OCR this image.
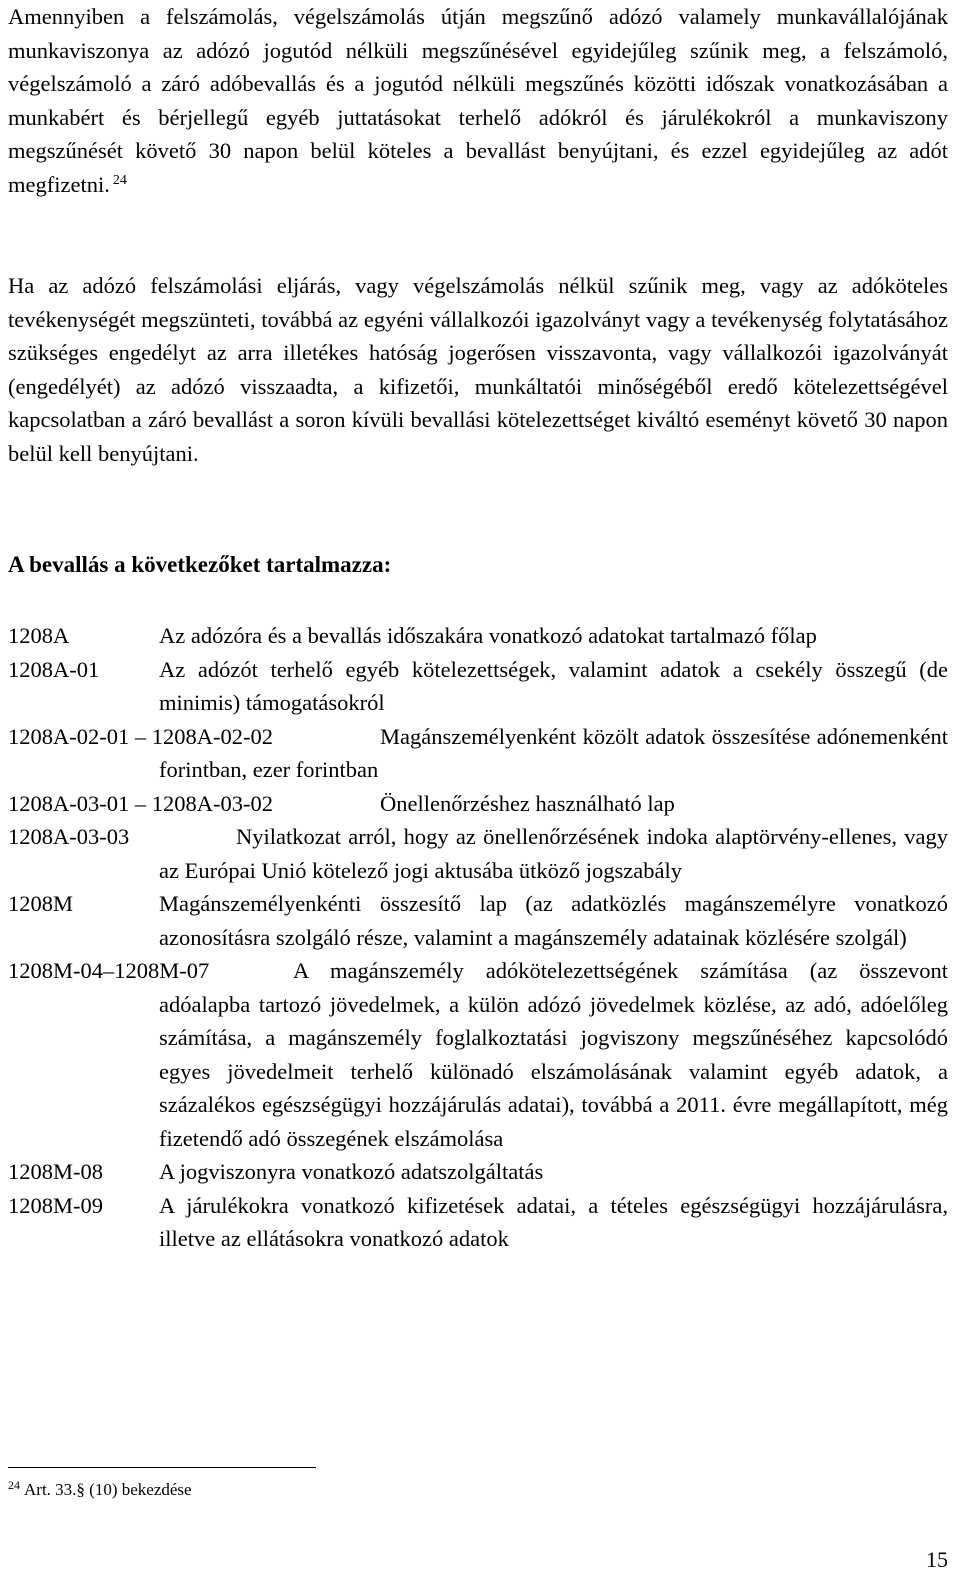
Amennyiben a felszámolás, végelszámolás útján megszűnő adózó valamely munkavállalójának munkaviszonya az adózó jogutód nélküli megszűnésével egyidejűleg szűnik meg, a felszámoló, végelszámoló a záró adóbevallás és a jogutód nélküli megszűnés közötti időszak vonatkozásában a munkabért és bérjellegű egyéb juttatásokat terhelő adókról és járulékokról a munkaviszony megszűnését követő 30 napon belül köteles a bevallást benyújtani, és ezzel egyidejűleg az adót megfizetni. $^{24}$

Ha az adózó felszámolási eljárás, vagy végelszámolás nélkül szűnik meg, vagy az adóköteles tevékenységét megszünteti, továbbá az egyéni vállalkozói igazolványt vagy a tevékenység folytatásához szükséges engedélyt az arra illetékes hatóság jogerősen visszavonta, vagy vállalkozói igazolványát (engedélyét) az adózó visszaadta, a kifizetői, munkáltatói minőségéből eredő kötelezettségével kapcsolatban a záró bevallást a soron kívüli bevallási kötelezettséget kiváltó eseményt követő 30 napon belül kell benyújtani.

A bevallás a következőket tartalmazza:
1208A	Az adózóra és a bevallás időszakára vonatkozó adatokat tartalmazó főlap
1208A-01	Az adózót terhelő egyéb kötelezettségek, valamint adatok a csekély összegű (de minimis) támogatásokról
1208A-02-01 – 1208A-02-02	Magánszemélyenként közölt adatok összesítése adónemenként forintban, ezer forintban
1208A-03-01 – 1208A-03-02	Önellenőrzéshez használható lap
1208A-03-03	Nyilatkozat arról, hogy az önellenőrzésének indoka alaptörvény-ellenes, vagy az Európai Unió kötelező jogi aktusába ütköző jogszabály
1208M	Magánszemélyenkénti összesítő lap (az adatközlés magánszemélyre vonatkozó azonosításra szolgáló része, valamint a magánszemély adatainak közlésére szolgál)
1208M-04–1208M-07	A magánszemély adókötelezettségének számítása (az összevont adóalapba tartozó jövedelmek, a külön adózó jövedelmek közlése, az adó, adóelőleg számítása, a magánszemély foglalkoztatási jogviszony megszűnéséhez kapcsolódó egyes jövedelmeit terhelő különadó elszámolásának valamint egyéb adatok, a százalékos egészségügyi hozzájárulás adatai), továbbá a 2011. évre megállapított, még fizetendő adó összegének elszámolása
1208M-08	A jogviszonyra vonatkozó adatszolgáltatás
1208M-09	A járulékokra vonatkozó kifizetések adatai, a tételes egészségügyi hozzájárulásra, illetve az ellátásokra vonatkozó adatok
$^{24}$ Art. 33.§ (10) bekezdése
15
